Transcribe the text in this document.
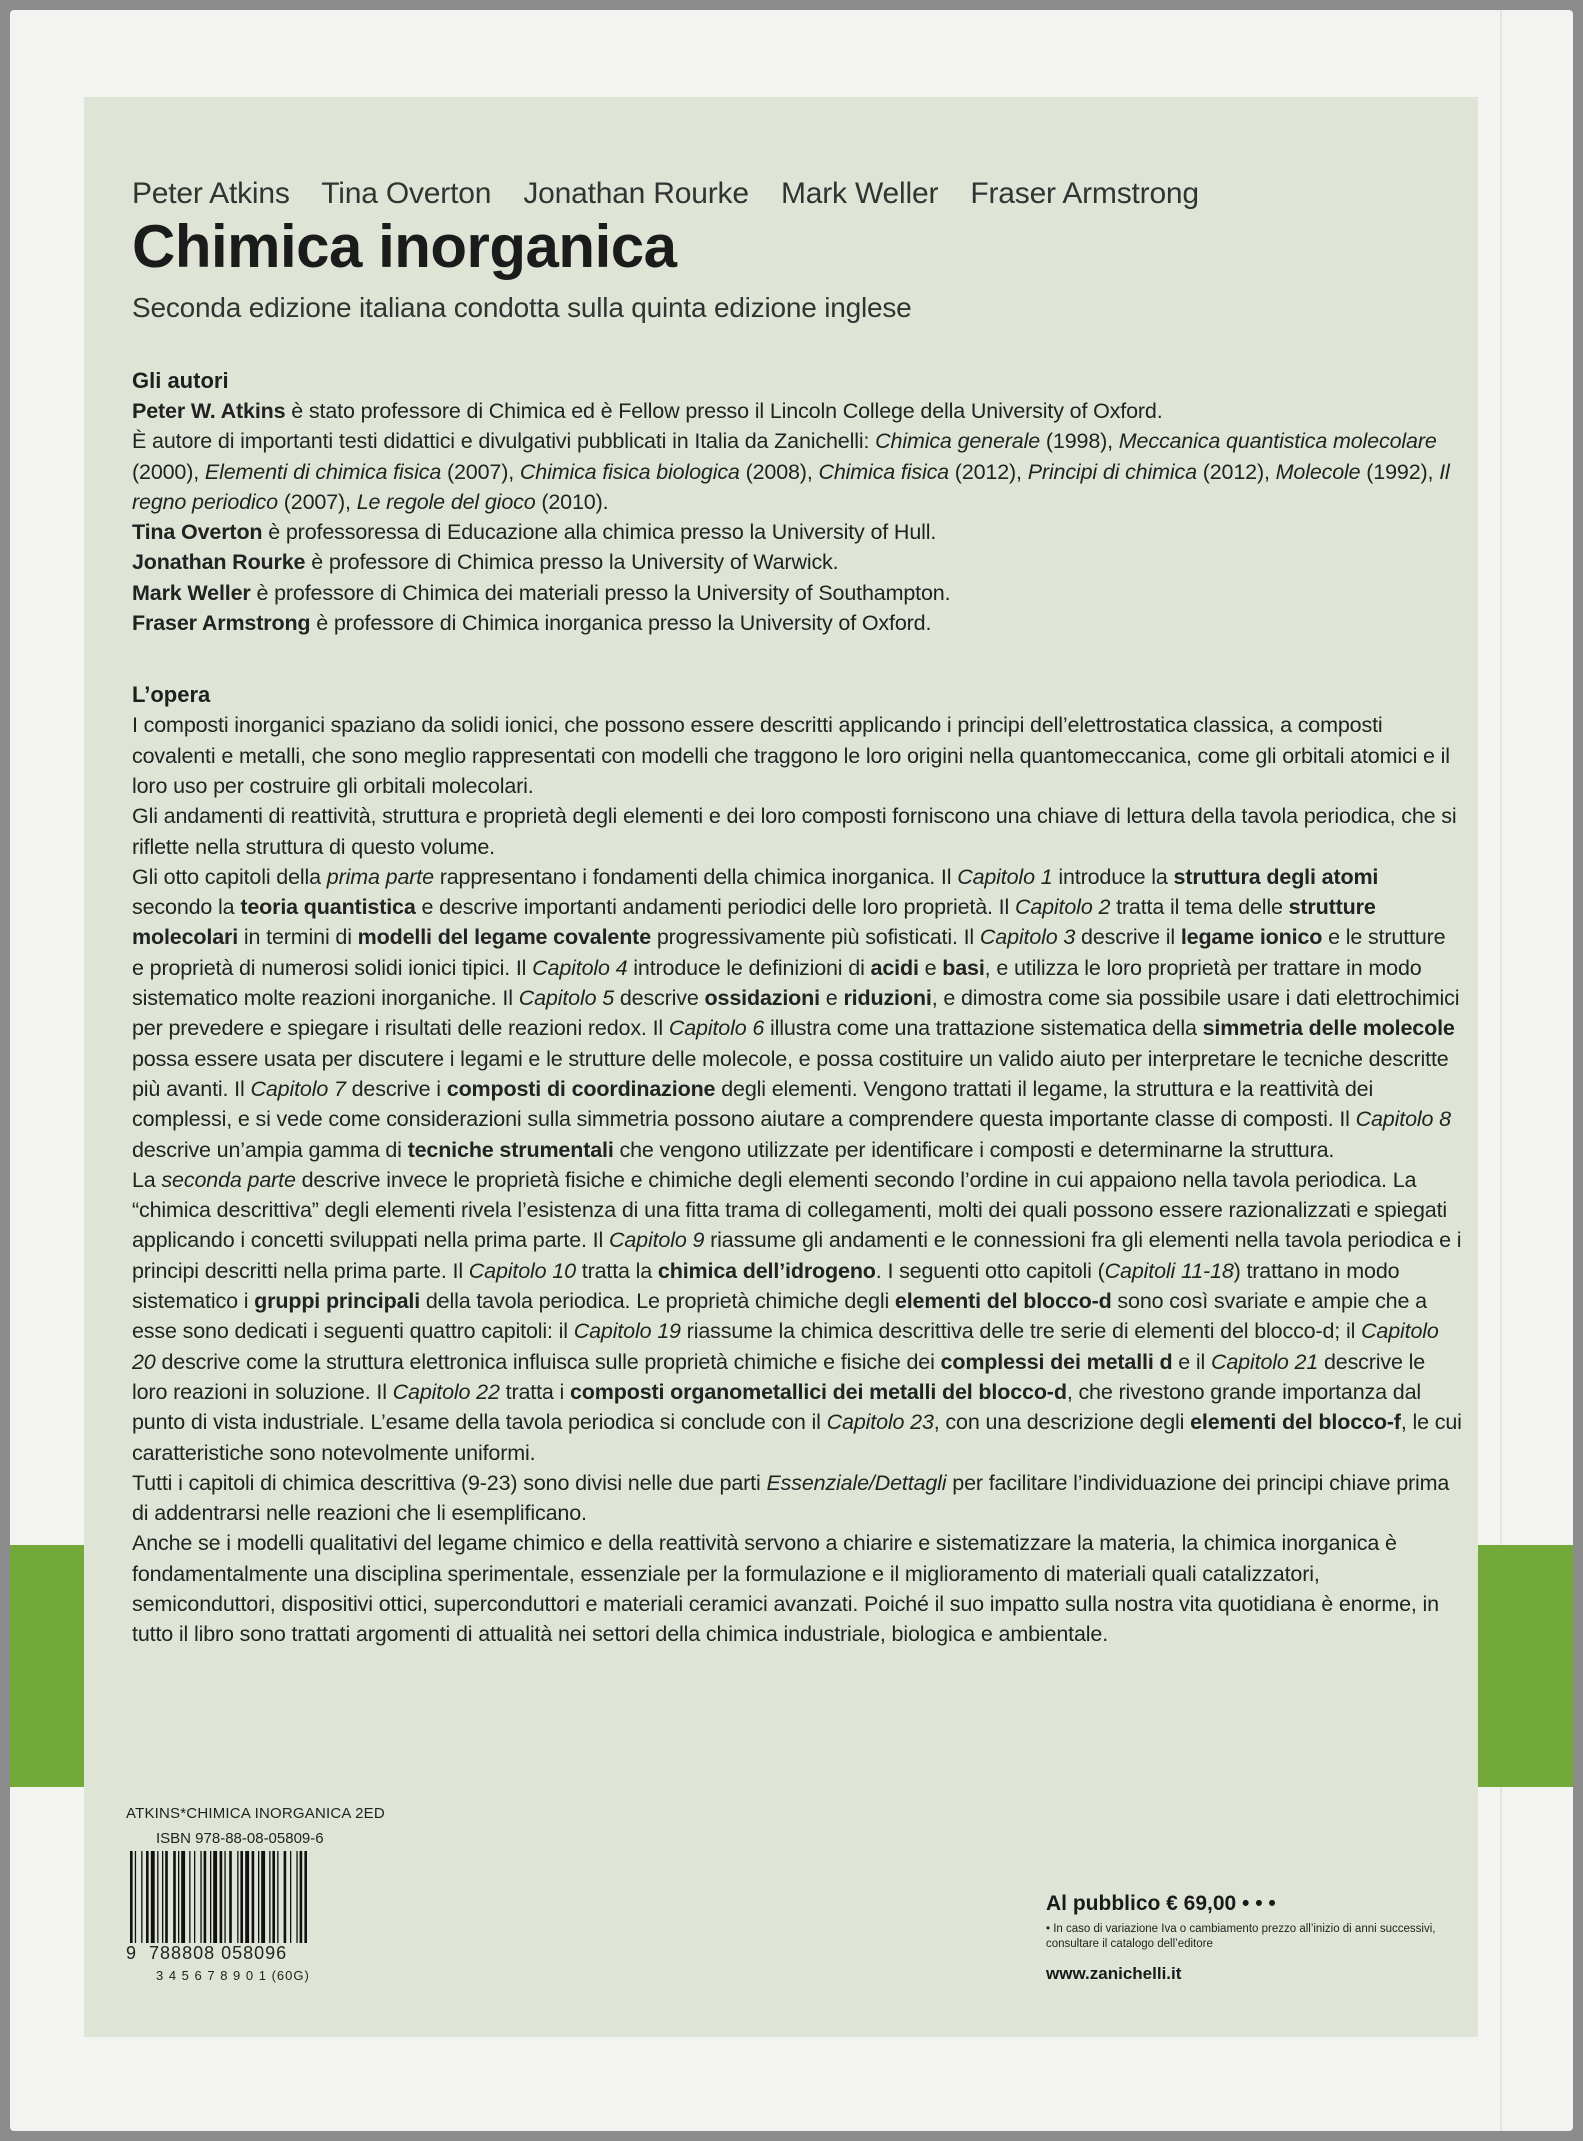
Peter Atkins Tina Overton Jonathan Rourke Mark Weller Fraser Armstrong
Chimica inorganica
Seconda edizione italiana condotta sulla quinta edizione inglese
Gli autori
Peter W. Atkins è stato professore di Chimica ed è Fellow presso il Lincoln College della University of Oxford.
È autore di importanti testi didattici e divulgativi pubblicati in Italia da Zanichelli: Chimica generale (1998), Meccanica quantistica molecolare (2000), Elementi di chimica fisica (2007), Chimica fisica biologica (2008), Chimica fisica (2012), Principi di chimica (2012), Molecole (1992), Il regno periodico (2007), Le regole del gioco (2010).
Tina Overton è professoressa di Educazione alla chimica presso la University of Hull.
Jonathan Rourke è professore di Chimica presso la University of Warwick.
Mark Weller è professore di Chimica dei materiali presso la University of Southampton.
Fraser Armstrong è professore di Chimica inorganica presso la University of Oxford.
L’opera
I composti inorganici spaziano da solidi ionici, che possono essere descritti applicando i principi dell’elettrostatica classica, a composti covalenti e metalli, che sono meglio rappresentati con modelli che traggono le loro origini nella quantomeccanica, come gli orbitali atomici e il loro uso per costruire gli orbitali molecolari.
Gli andamenti di reattività, struttura e proprietà degli elementi e dei loro composti forniscono una chiave di lettura della tavola periodica, che si riflette nella struttura di questo volume.
Gli otto capitoli della prima parte rappresentano i fondamenti della chimica inorganica. Il Capitolo 1 introduce la struttura degli atomi secondo la teoria quantistica e descrive importanti andamenti periodici delle loro proprietà. Il Capitolo 2 tratta il tema delle strutture molecolari in termini di modelli del legame covalente progressivamente più sofisticati. Il Capitolo 3 descrive il legame ionico e le strutture e proprietà di numerosi solidi ionici tipici. Il Capitolo 4 introduce le definizioni di acidi e basi, e utilizza le loro proprietà per trattare in modo sistematico molte reazioni inorganiche. Il Capitolo 5 descrive ossidazioni e riduzioni, e dimostra come sia possibile usare i dati elettrochimici per prevedere e spiegare i risultati delle reazioni redox. Il Capitolo 6 illustra come una trattazione sistematica della simmetria delle molecole possa essere usata per discutere i legami e le strutture delle molecole, e possa costituire un valido aiuto per interpretare le tecniche descritte più avanti. Il Capitolo 7 descrive i composti di coordinazione degli elementi. Vengono trattati il legame, la struttura e la reattività dei complessi, e si vede come considerazioni sulla simmetria possono aiutare a comprendere questa importante classe di composti. Il Capitolo 8 descrive un’ampia gamma di tecniche strumentali che vengono utilizzate per identificare i composti e determinarne la struttura.
La seconda parte descrive invece le proprietà fisiche e chimiche degli elementi secondo l’ordine in cui appaiono nella tavola periodica. La “chimica descrittiva” degli elementi rivela l’esistenza di una fitta trama di collegamenti, molti dei quali possono essere razionalizzati e spiegati applicando i concetti sviluppati nella prima parte. Il Capitolo 9 riassume gli andamenti e le connessioni fra gli elementi nella tavola periodica e i principi descritti nella prima parte. Il Capitolo 10 tratta la chimica dell’idrogeno. I seguenti otto capitoli (Capitoli 11-18) trattano in modo sistematico i gruppi principali della tavola periodica. Le proprietà chimiche degli elementi del blocco-d sono così svariate e ampie che a esse sono dedicati i seguenti quattro capitoli: il Capitolo 19 riassume la chimica descrittiva delle tre serie di elementi del blocco-d; il Capitolo 20 descrive come la struttura elettronica influisca sulle proprietà chimiche e fisiche dei complessi dei metalli d e il Capitolo 21 descrive le loro reazioni in soluzione. Il Capitolo 22 tratta i composti organometallici dei metalli del blocco-d, che rivestono grande importanza dal punto di vista industriale. L’esame della tavola periodica si conclude con il Capitolo 23, con una descrizione degli elementi del blocco-f, le cui caratteristiche sono notevolmente uniformi.
Tutti i capitoli di chimica descrittiva (9-23) sono divisi nelle due parti Essenziale/Dettagli per facilitare l’individuazione dei principi chiave prima di addentrarsi nelle reazioni che li esemplificano.
Anche se i modelli qualitativi del legame chimico e della reattività servono a chiarire e sistematizzare la materia, la chimica inorganica è fondamentalmente una disciplina sperimentale, essenziale per la formulazione e il miglioramento di materiali quali catalizzatori, semiconduttori, dispositivi ottici, superconduttori e materiali ceramici avanzati. Poiché il suo impatto sulla nostra vita quotidiana è enorme, in tutto il libro sono trattati argomenti di attualità nei settori della chimica industriale, biologica e ambientale.
ATKINS*CHIMICA INORGANICA 2ED
ISBN 978-88-08-05809-6
9 788808 058096
3 4 5 6 7 8 9 0 1 (60G)
Al pubblico € 69,00 • • •
• In caso di variazione Iva o cambiamento prezzo all’inizio di anni successivi, consultare il catalogo dell’editore
www.zanichelli.it
